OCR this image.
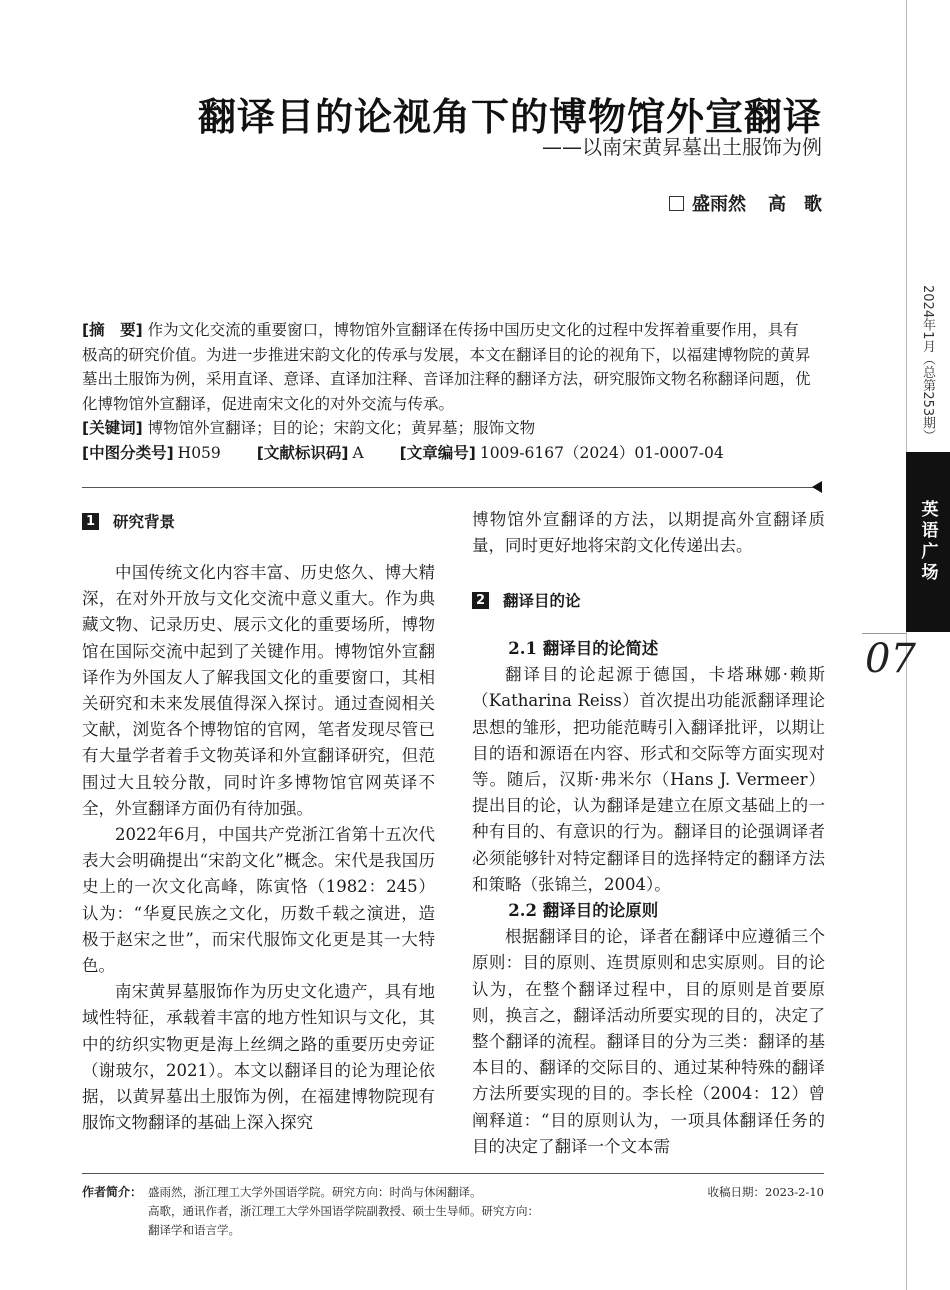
翻译目的论视角下的博物馆外宣翻译
——以南宋黄昇墓出土服饰为例
盛雨然 高　歌

[摘　要] 作为文化交流的重要窗口，博物馆外宣翻译在传扬中国历史文化的过程中发挥着重要作用，具有极高的研究价值。为进一步推进宋韵文化的传承与发展，本文在翻译目的论的视角下，以福建博物院的黄昇墓出土服饰为例，采用直译、意译、直译加注释、音译加注释的翻译方法，研究服饰文物名称翻译问题，优化博物馆外宣翻译，促进南宋文化的对外交流与传承。

[关键词] 博物馆外宣翻译；目的论；宋韵文化；黄昇墓；服饰文物

[中图分类号] H059 [文献标识码] A [文章编号] 1009-6167（2024）01-0007-04
1 研究背景

中国传统文化内容丰富、历史悠久、博大精深，在对外开放与文化交流中意义重大。作为典藏文物、记录历史、展示文化的重要场所，博物馆在国际交流中起到了关键作用。博物馆外宣翻译作为外国友人了解我国文化的重要窗口，其相关研究和未来发展值得深入探讨。通过查阅相关文献，浏览各个博物馆的官网，笔者发现尽管已有大量学者着手文物英译和外宣翻译研究，但范围过大且较分散，同时许多博物馆官网英译不全，外宣翻译方面仍有待加强。

2022年6月，中国共产党浙江省第十五次代表大会明确提出“宋韵文化”概念。宋代是我国历史上的一次文化高峰，陈寅恪（1982：245）认为：“华夏民族之文化，历数千载之演进，造极于赵宋之世”，而宋代服饰文化更是其一大特色。

南宋黄昇墓服饰作为历史文化遗产，具有地域性特征，承载着丰富的地方性知识与文化，其中的纺织实物更是海上丝绸之路的重要历史旁证（谢玻尔，2021）。本文以翻译目的论为理论依据，以黄昇墓出土服饰为例，在福建博物院现有服饰文物翻译的基础上深入探究

博物馆外宣翻译的方法，以期提高外宣翻译质量，同时更好地将宋韵文化传递出去。

2 翻译目的论

2.1 翻译目的论简述

翻译目的论起源于德国，卡塔琳娜·赖斯（Katharina Reiss）首次提出功能派翻译理论思想的雏形，把功能范畴引入翻译批评，以期让目的语和源语在内容、形式和交际等方面实现对等。随后，汉斯·弗米尔（Hans J. Vermeer）提出目的论，认为翻译是建立在原文基础上的一种有目的、有意识的行为。翻译目的论强调译者必须能够针对特定翻译目的选择特定的翻译方法和策略（张锦兰，2004）。

2.2 翻译目的论原则

根据翻译目的论，译者在翻译中应遵循三个原则：目的原则、连贯原则和忠实原则。目的论认为，在整个翻译过程中，目的原则是首要原则，换言之，翻译活动所要实现的目的，决定了整个翻译的流程。翻译目的分为三类：翻译的基本目的、翻译的交际目的、通过某种特殊的翻译方法所要实现的目的。李长栓（2004：12）曾阐释道：“目的原则认为，一项具体翻译任务的目的决定了翻译一个文本需

2024年1月（总第253期）
英语广场
07
作者简介： 盛雨然，浙江理工大学外国语学院。研究方向：时尚与休闲翻译。
高歌，通讯作者，浙江理工大学外国语学院副教授、硕士生导师。研究方向：
翻译学和语言学。
收稿日期：2023-2-10
